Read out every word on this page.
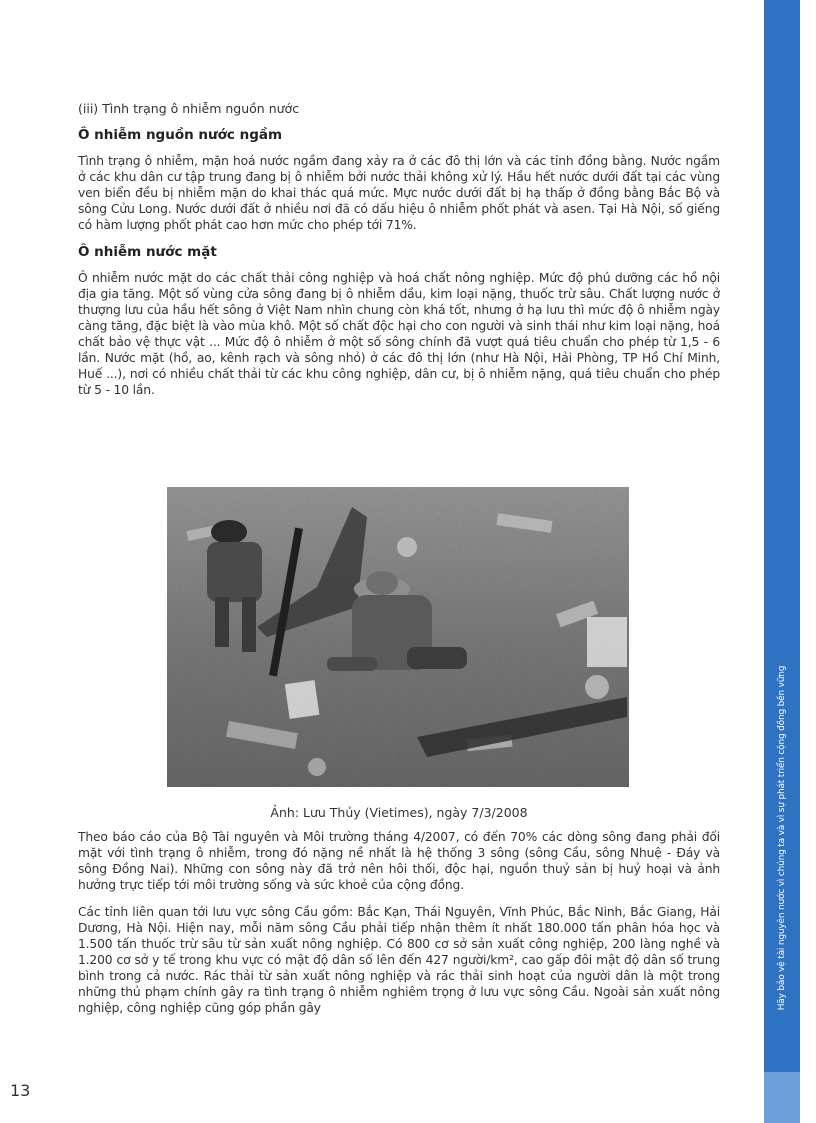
Hãy bảo vệ tài nguyên nước vì chúng ta và vì sự phát triển cộng đồng bền vững
(iii) Tình trạng ô nhiễm nguồn nước
Ô nhiễm nguồn nước ngầm

Tình trạng ô nhiễm, mặn hoá nước ngầm đang xảy ra ở các đô thị lớn và các tỉnh đồng bằng. Nước ngầm ở các khu dân cư tập trung đang bị ô nhiễm bởi nước thải không xử lý. Hầu hết nước dưới đất tại các vùng ven biển đều bị nhiễm mặn do khai thác quá mức. Mực nước dưới đất bị hạ thấp ở đồng bằng Bắc Bộ và sông Cửu Long. Nước dưới đất ở nhiều nơi đã có dấu hiệu ô nhiễm phốt phát và asen. Tại Hà Nội, số giếng có hàm lượng phốt phát cao hơn mức cho phép tới 71%.

Ô nhiễm nước mặt

Ô nhiễm nước mặt do các chất thải công nghiệp và hoá chất nông nghiệp. Mức độ phú dưỡng các hồ nội địa gia tăng. Một số vùng cửa sông đang bị ô nhiễm dầu, kim loại nặng, thuốc trừ sâu. Chất lượng nước ở thượng lưu của hầu hết sông ở Việt Nam nhìn chung còn khá tốt, nhưng ở hạ lưu thì mức độ ô nhiễm ngày càng tăng, đặc biệt là vào mùa khô. Một số chất độc hại cho con người và sinh thái như kim loại nặng, hoá chất bảo vệ thực vật ... Mức độ ô nhiễm ở một số sông chính đã vượt quá tiêu chuẩn cho phép từ 1,5 - 6 lần. Nước mặt (hồ, ao, kênh rạch và sông nhỏ) ở các đô thị lớn (như Hà Nội, Hải Phòng, TP Hồ Chí Minh, Huế ...), nơi có nhiều chất thải từ các khu công nghiệp, dân cư, bị ô nhiễm nặng, quá tiêu chuẩn cho phép từ 5 - 10 lần.

Ảnh: Lưu Thủy (Vietimes), ngày 7/3/2008

Theo báo cáo của Bộ Tài nguyên và Môi trường tháng 4/2007, có đến 70% các dòng sông đang phải đối mặt với tình trạng ô nhiễm, trong đó nặng nề nhất là hệ thống 3 sông (sông Cầu, sông Nhuệ - Đáy và sông Đồng Nai). Những con sông này đã trở nên hôi thối, độc hại, nguồn thuỷ sản bị huỷ hoại và ảnh hưởng trực tiếp tới môi trường sống và sức khoẻ của cộng đồng.

Các tỉnh liên quan tới lưu vực sông Cầu gồm: Bắc Kạn, Thái Nguyên, Vĩnh Phúc, Bắc Ninh, Bắc Giang, Hải Dương, Hà Nội. Hiện nay, mỗi năm sông Cầu phải tiếp nhận thêm ít nhất 180.000 tấn phân hóa học và 1.500 tấn thuốc trừ sâu từ sản xuất nông nghiệp. Có 800 cơ sở sản xuất công nghiệp, 200 làng nghề và 1.200 cơ sở y tế trong khu vực có mật độ dân số lên đến 427 người/km², cao gấp đôi mật độ dân số trung bình trong cả nước. Rác thải từ sản xuất nông nghiệp và rác thải sinh hoạt của người dân là một trong những thủ phạm chính gây ra tình trạng ô nhiễm nghiêm trọng ở lưu vực sông Cầu. Ngoài sản xuất nông nghiệp, công nghiệp cũng góp phần gây

13
